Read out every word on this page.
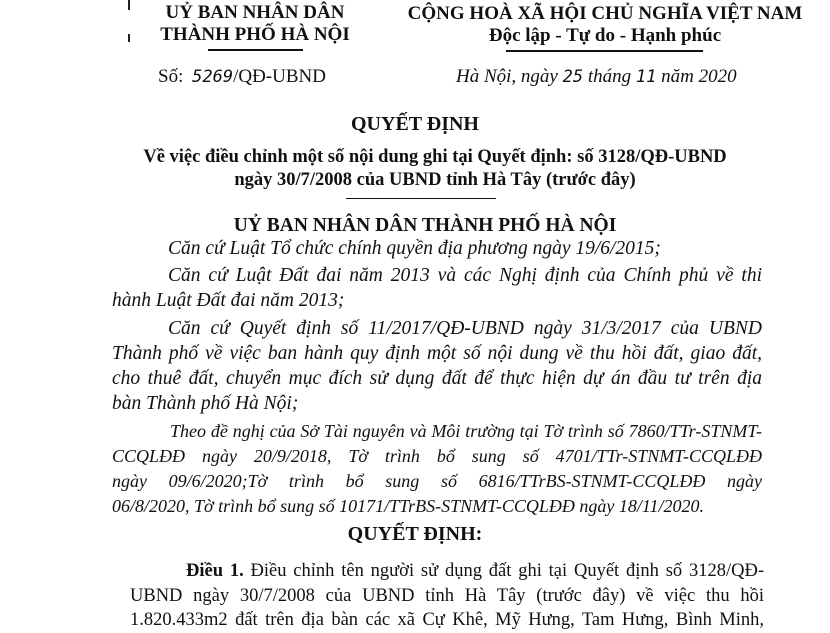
UỶ BAN NHÂN DÂN
THÀNH PHỐ HÀ NỘI
Số: 5269/QĐ-UBND
CỘNG HOÀ XÃ HỘI CHỦ NGHĨA VIỆT NAM
Độc lập - Tự do - Hạnh phúc
Hà Nội, ngày 25 tháng 11 năm 2020
QUYẾT ĐỊNH
Về việc điều chỉnh một số nội dung ghi tại Quyết định: số 3128/QĐ-UBND
ngày 30/7/2008 của UBND tỉnh Hà Tây (trước đây)
UỶ BAN NHÂN DÂN THÀNH PHỐ HÀ NỘI
Căn cứ Luật Tổ chức chính quyền địa phương ngày 19/6/2015;
Căn cứ Luật Đất đai năm 2013 và các Nghị định của Chính phủ về thi
hành Luật Đất đai năm 2013;
Căn cứ Quyết định số 11/2017/QĐ-UBND ngày 31/3/2017 của UBND
Thành phố về việc ban hành quy định một số nội dung về thu hồi đất, giao đất,
cho thuê đất, chuyển mục đích sử dụng đất để thực hiện dự án đầu tư trên địa
bàn Thành phố Hà Nội;
Theo đề nghị của Sở Tài nguyên và Môi trường tại Tờ trình số 7860/TTr-STNMT-
CCQLĐĐ ngày 20/9/2018, Tờ trình bổ sung số 4701/TTr-STNMT-CCQLĐĐ
ngày 09/6/2020;Tờ trình bổ sung số 6816/TTrBS-STNMT-CCQLĐĐ ngày
06/8/2020, Tờ trình bổ sung số 10171/TTrBS-STNMT-CCQLĐĐ ngày 18/11/2020.
QUYẾT ĐỊNH:
Điều 1. Điều chỉnh tên người sử dụng đất ghi tại Quyết định số 3128/QĐ-
UBND ngày 30/7/2008 của UBND tỉnh Hà Tây (trước đây) về việc thu hồi
1.820.433m2 đất trên địa bàn các xã Cự Khê, Mỹ Hưng, Tam Hưng, Bình Minh,
